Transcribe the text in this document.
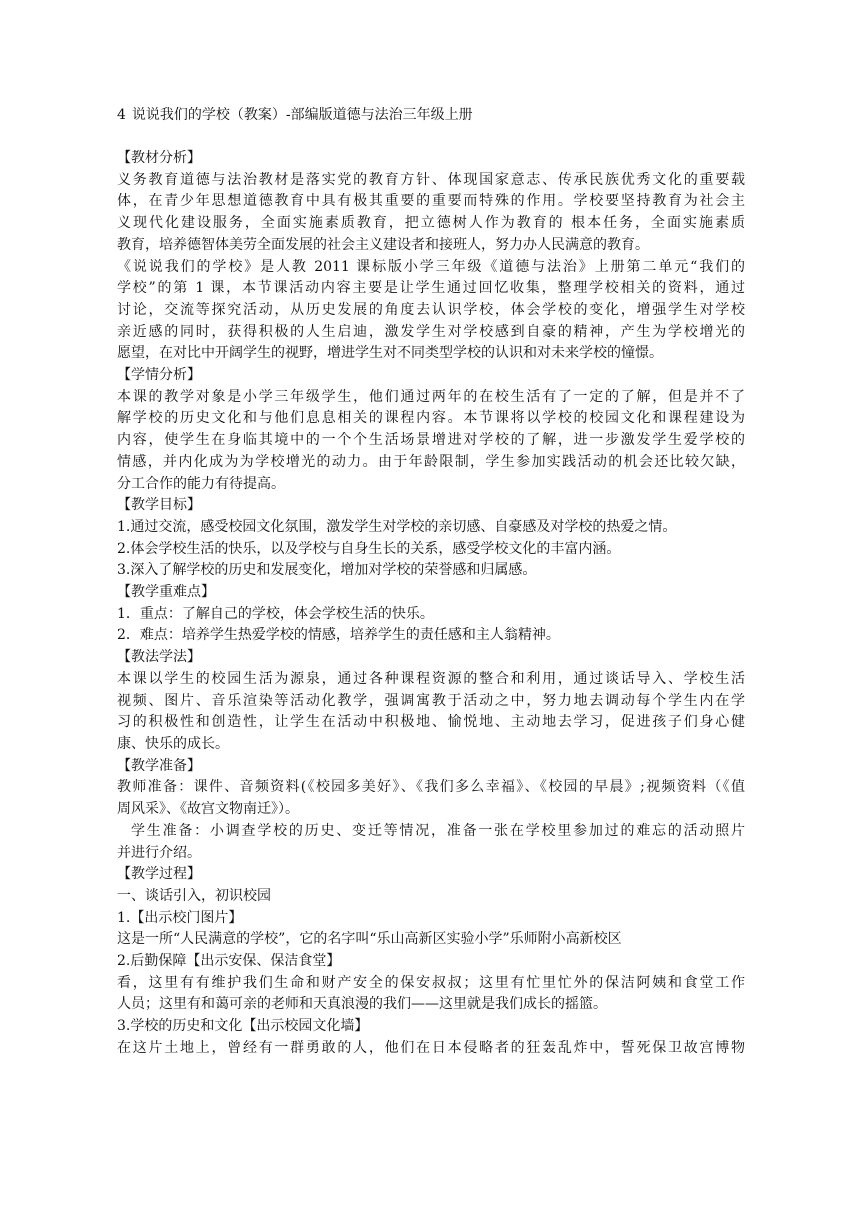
4 说说我们的学校（教案）-部编版道德与法治三年级上册

【教材分析】

义务教育道德与法治教材是落实党的教育方针、体现国家意志、传承民族优秀文化的重要载

体，在青少年思想道德教育中具有极其重要的重要而特殊的作用。学校要坚持教育为社会主

义现代化建设服务，全面实施素质教育，把立德树人作为教育的 根本任务，全面实施素质

教育，培养德智体美劳全面发展的社会主义建设者和接班人，努力办人民满意的教育。

《说说我们的学校》是人教 2011 课标版小学三年级《道德与法治》上册第二单元“我们的

学校”的第 1 课，本节课活动内容主要是让学生通过回忆收集，整理学校相关的资料，通过

讨论，交流等探究活动，从历史发展的角度去认识学校，体会学校的变化，增强学生对学校

亲近感的同时，获得积极的人生启迪，激发学生对学校感到自豪的精神，产生为学校增光的

愿望，在对比中开阔学生的视野，增进学生对不同类型学校的认识和对未来学校的憧憬。

【学情分析】

本课的教学对象是小学三年级学生，他们通过两年的在校生活有了一定的了解，但是并不了

解学校的历史文化和与他们息息相关的课程内容。本节课将以学校的校园文化和课程建设为

内容，使学生在身临其境中的一个个生活场景增进对学校的了解，进一步激发学生爱学校的

情感，并内化成为为学校增光的动力。由于年龄限制，学生参加实践活动的机会还比较欠缺，

分工合作的能力有待提高。

【教学目标】

1.通过交流，感受校园文化氛围，激发学生对学校的亲切感、自豪感及对学校的热爱之情。

2.体会学校生活的快乐，以及学校与自身生长的关系，感受学校文化的丰富内涵。

3.深入了解学校的历史和发展变化，增加对学校的荣誉感和归属感。

【教学重难点】

1．重点：了解自己的学校，体会学校生活的快乐。

2．难点：培养学生热爱学校的情感，培养学生的责任感和主人翁精神。

【教法学法】

本课以学生的校园生活为源泉，通过各种课程资源的整合和利用，通过谈话导入、学校生活

视频、图片、音乐渲染等活动化教学，强调寓教于活动之中，努力地去调动每个学生内在学

习的积极性和创造性，让学生在活动中积极地、愉悦地、主动地去学习，促进孩子们身心健

康、快乐的成长。

【教学准备】

教师准备：课件、音频资料(《校园多美好》、《我们多么幸福》、《校园的早晨》;视频资料（《值

周风采》、《故宫文物南迁》）。

学生准备：小调查学校的历史、变迁等情况，准备一张在学校里参加过的难忘的活动照片

并进行介绍。

【教学过程】

一、谈话引入，初识校园

1.【出示校门图片】

这是一所“人民满意的学校”，它的名字叫“乐山高新区实验小学”乐师附小高新校区

2.后勤保障【出示安保、保洁食堂】

看，这里有有维护我们生命和财产安全的保安叔叔；这里有忙里忙外的保洁阿姨和食堂工作

人员；这里有和蔼可亲的老师和天真浪漫的我们——这里就是我们成长的摇篮。

3.学校的历史和文化【出示校园文化墙】

在这片土地上，曾经有一群勇敢的人，他们在日本侵略者的狂轰乱炸中，誓死保卫故宫博物
